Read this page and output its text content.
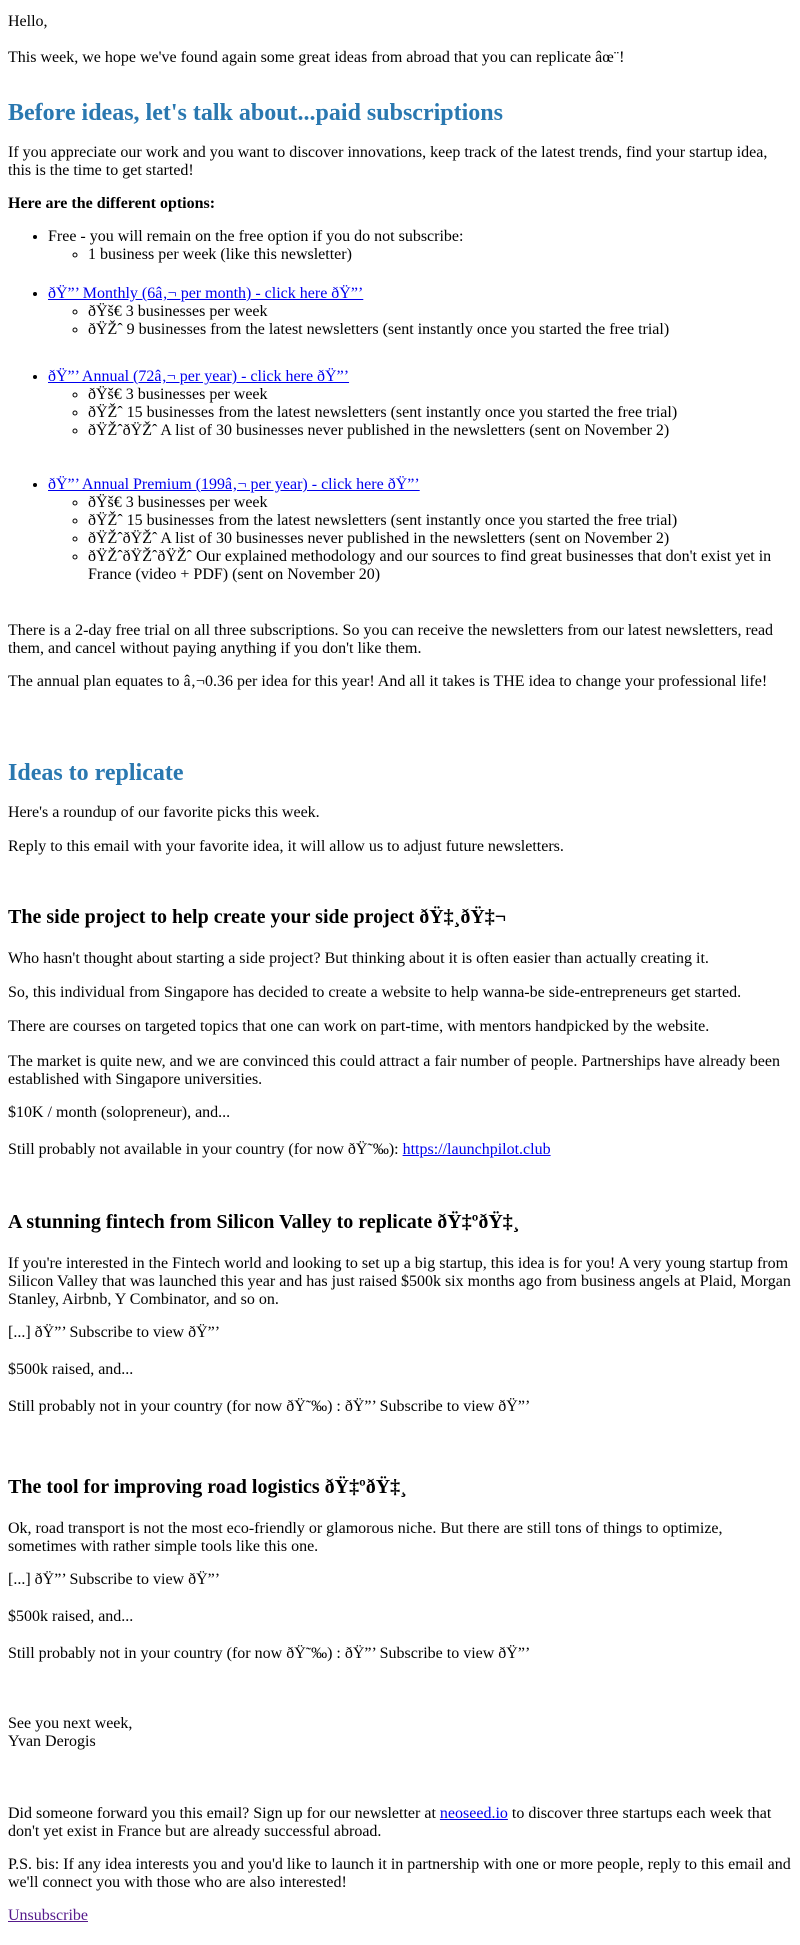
Hello,

This week, we hope we've found again some great ideas from abroad that you can replicate âœ¨!

Before ideas, let's talk about...paid subscriptions

If you appreciate our work and you want to discover innovations, keep track of the latest trends, find your startup idea, this is the time to get started!

Here are the different options:

• Free - you will remain on the free option if you do not subscribe:
◦ 1 business per week (like this newsletter)
• ðŸ”’ Monthly (6â‚¬ per month) - click here ðŸ”’
◦ ðŸš€ 3 businesses per week
◦ ðŸŽˆ 9 businesses from the latest newsletters (sent instantly once you started the free trial)
• ðŸ”’ Annual (72â‚¬ per year) - click here ðŸ”’
◦ ðŸš€ 3 businesses per week
◦ ðŸŽˆ 15 businesses from the latest newsletters (sent instantly once you started the free trial)
◦ ðŸŽˆðŸŽˆ A list of 30 businesses never published in the newsletters (sent on November 2)
• ðŸ”’ Annual Premium (199â‚¬ per year) - click here ðŸ”’
◦ ðŸš€ 3 businesses per week
◦ ðŸŽˆ 15 businesses from the latest newsletters (sent instantly once you started the free trial)
◦ ðŸŽˆðŸŽˆ A list of 30 businesses never published in the newsletters (sent on November 2)
◦ ðŸŽˆðŸŽˆðŸŽˆ Our explained methodology and our sources to find great businesses that don't exist yet in France (video + PDF) (sent on November 20)

There is a 2-day free trial on all three subscriptions. So you can receive the newsletters from our latest newsletters, read them, and cancel without paying anything if you don't like them.

The annual plan equates to â‚¬0.36 per idea for this year! And all it takes is THE idea to change your professional life!

Ideas to replicate

Here's a roundup of our favorite picks this week.

Reply to this email with your favorite idea, it will allow us to adjust future newsletters.

The side project to help create your side project ðŸ‡¸ðŸ‡¬

Who hasn't thought about starting a side project? But thinking about it is often easier than actually creating it.

So, this individual from Singapore has decided to create a website to help wanna-be side-entrepreneurs get started.

There are courses on targeted topics that one can work on part-time, with mentors handpicked by the website.

The market is quite new, and we are convinced this could attract a fair number of people. Partnerships have already been established with Singapore universities.

$10K / month (solopreneur), and...

Still probably not available in your country (for now ðŸ˜‰): https://launchpilot.club

A stunning fintech from Silicon Valley to replicate ðŸ‡ºðŸ‡¸

If you're interested in the Fintech world and looking to set up a big startup, this idea is for you! A very young startup from Silicon Valley that was launched this year and has just raised $500k six months ago from business angels at Plaid, Morgan Stanley, Airbnb, Y Combinator, and so on.

[...] ðŸ”’ Subscribe to view ðŸ”’

$500k raised, and...

Still probably not in your country (for now ðŸ˜‰) : ðŸ”’ Subscribe to view ðŸ”’

The tool for improving road logistics ðŸ‡ºðŸ‡¸

Ok, road transport is not the most eco-friendly or glamorous niche. But there are still tons of things to optimize, sometimes with rather simple tools like this one.

[...] ðŸ”’ Subscribe to view ðŸ”’

$500k raised, and...

Still probably not in your country (for now ðŸ˜‰) : ðŸ”’ Subscribe to view ðŸ”’

See you next week,

Yvan Derogis

Did someone forward you this email? Sign up for our newsletter at neoseed.io to discover three startups each week that don't yet exist in France but are already successful abroad.

P.S. bis: If any idea interests you and you'd like to launch it in partnership with one or more people, reply to this email and we'll connect you with those who are also interested!

Unsubscribe
